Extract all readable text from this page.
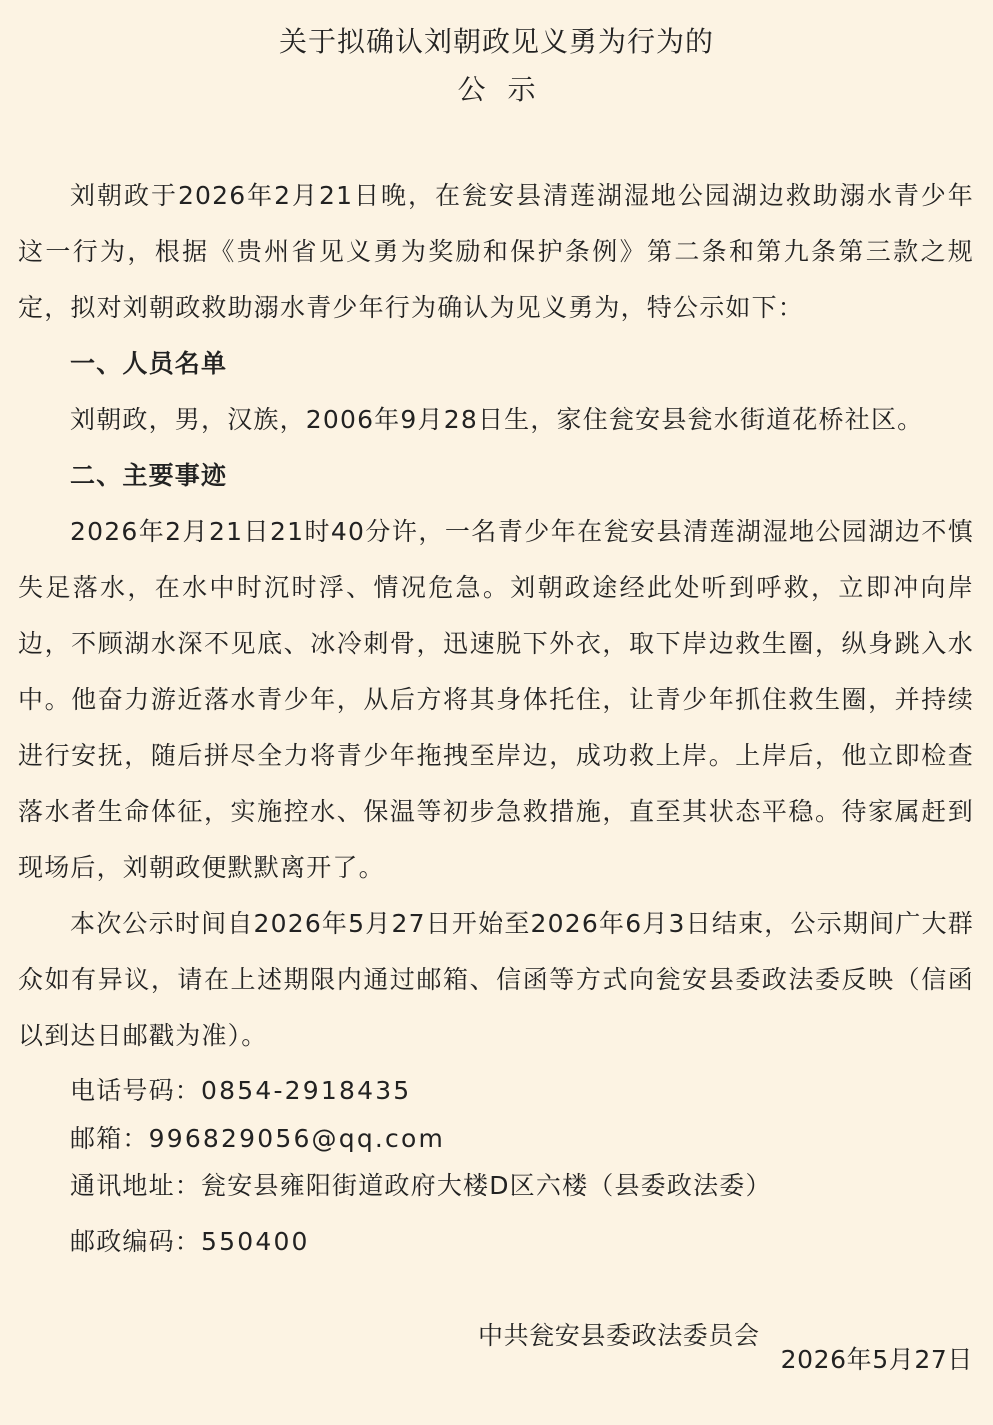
关于拟确认刘朝政见义勇为行为的
公示

刘朝政于2026年2月21日晚，在瓮安县清莲湖湿地公园湖边救助溺水青少年这一行为，根据《贵州省见义勇为奖励和保护条例》第二条和第九条第三款之规定，拟对刘朝政救助溺水青少年行为确认为见义勇为，特公示如下：

一、人员名单

刘朝政，男，汉族，2006年9月28日生，家住瓮安县瓮水街道花桥社区。

二、主要事迹

2026年2月21日21时40分许，一名青少年在瓮安县清莲湖湿地公园湖边不慎失足落水，在水中时沉时浮、情况危急。刘朝政途经此处听到呼救，立即冲向岸边，不顾湖水深不见底、冰冷刺骨，迅速脱下外衣，取下岸边救生圈，纵身跳入水中。他奋力游近落水青少年，从后方将其身体托住，让青少年抓住救生圈，并持续进行安抚，随后拼尽全力将青少年拖拽至岸边，成功救上岸。上岸后，他立即检查落水者生命体征，实施控水、保温等初步急救措施，直至其状态平稳。待家属赶到现场后，刘朝政便默默离开了。

本次公示时间自2026年5月27日开始至2026年6月3日结束，公示期间广大群众如有异议，请在上述期限内通过邮箱、信函等方式向瓮安县委政法委反映（信函以到达日邮戳为准）。

电话号码：0854-2918435
邮箱：996829056@qq.com
通讯地址：瓮安县雍阳街道政府大楼D区六楼（县委政法委）
邮政编码：550400
中共瓮安县委政法委员会
2026年5月27日
